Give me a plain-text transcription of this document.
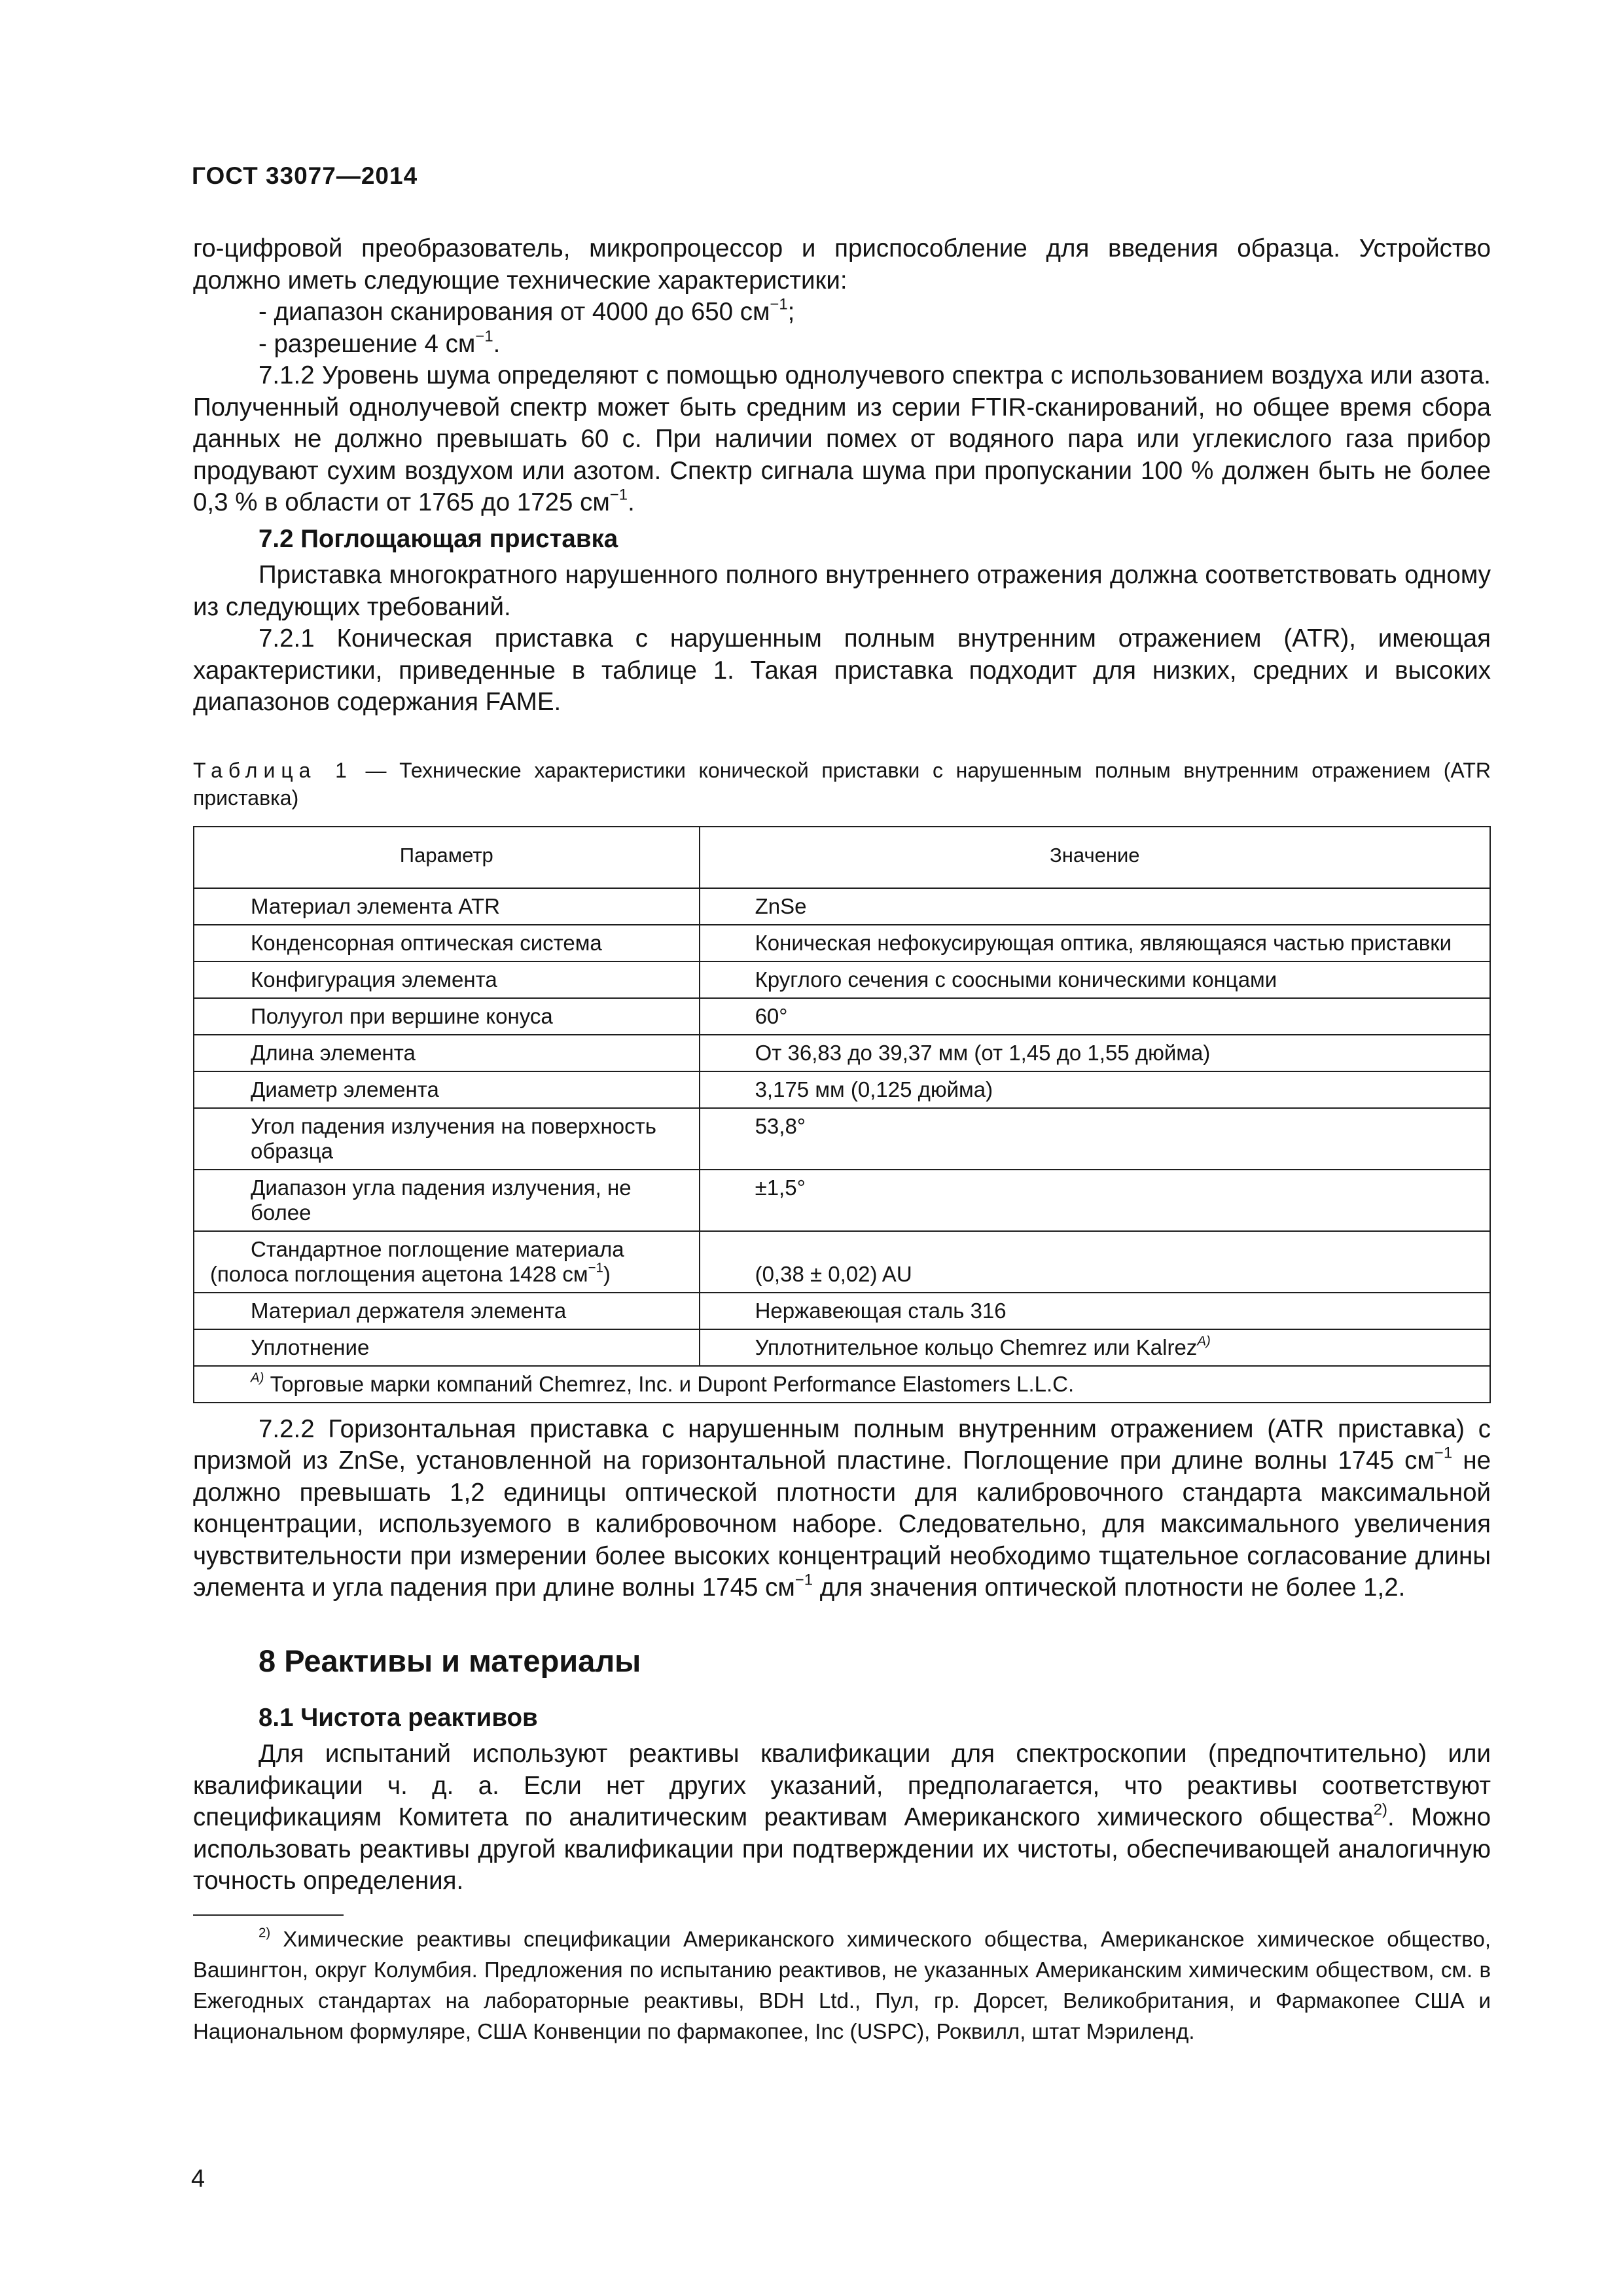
ГОСТ 33077—2014

го-цифровой преобразователь, микропроцессор и приспособление для введения образца. Устройство должно иметь следующие технические характеристики:

- диапазон сканирования от 4000 до 650 $см^{-1}$;

- разрешение 4 $см^{-1}$.

7.1.2 Уровень шума определяют с помощью однолучевого спектра с использованием воздуха или азота. Полученный однолучевой спектр может быть средним из серии FTIR-сканирований, но общее время сбора данных не должно превышать 60 с. При наличии помех от водяного пара или углекислого газа прибор продувают сухим воздухом или азотом. Спектр сигнала шума при пропускании 100 % должен быть не более 0,3 % в области от 1765 до 1725 $см^{-1}$.

7.2 Поглощающая приставка

Приставка многократного нарушенного полного внутреннего отражения должна соответствовать одному из следующих требований.

7.2.1 Коническая приставка с нарушенным полным внутренним отражением (ATR), имеющая характеристики, приведенные в таблице 1. Такая приставка подходит для низких, средних и высоких диапазонов содержания FAME.

Таблица 1 — Технические характеристики конической приставки с нарушенным полным внутренним отражением (ATR приставка)

Параметр	Значение
Материал элемента ATR	ZnSe
Конденсорная оптическая система	Коническая нефокусирующая оптика, являющаяся частью приставки

Конфигурация элемента	Круглого сечения с соосными коническими концами
Полуугол при вершине конуса	60°
Длина элемента	От 36,83 до 39,37 мм (от 1,45 до 1,55 дюйма)
Диаметр элемента	3,175 мм (0,125 дюйма)
Угол падения излучения на поверхность образца	53,8°
Диапазон угла падения излучения, не более	±1,5°

Стандартное поглощение материала (полоса поглощения ацетона 1428 $см^{-1}$)	(0,38 ± 0,02) AU
Материал держателя элемента	Нержавеющая сталь 316
Уплотнение	Уплотнительное кольцо Chemrez или Kalrez$^{A)}$
$^{A)}$ Торговые марки компаний Chemrez, Inc. и Dupont Performance Elastomers L.L.C.	

7.2.2 Горизонтальная приставка с нарушенным полным внутренним отражением (ATR приставка) с призмой из ZnSe, установленной на горизонтальной пластине. Поглощение при длине волны 1745 $см^{-1}$ не должно превышать 1,2 единицы оптической плотности для калибровочного стандарта максимальной концентрации, используемого в калибровочном наборе. Следовательно, для максимального увеличения чувствительности при измерении более высоких концентраций необходимо тщательное согласование длины элемента и угла падения при длине волны 1745 $см^{-1}$ для значения оптической плотности не более 1,2.

8 Реактивы и материалы

8.1 Чистота реактивов

Для испытаний используют реактивы квалификации для спектроскопии (предпочтительно) или квалификации ч. д. а. Если нет других указаний, предполагается, что реактивы соответствуют спецификациям Комитета по аналитическим реактивам Американского химического общества$^{2)}$. Можно использовать реактивы другой квалификации при подтверждении их чистоты, обеспечивающей аналогичную точность определения.

$^{2)}$ Химические реактивы спецификации Американского химического общества, Американское химическое общество, Вашингтон, округ Колумбия. Предложения по испытанию реактивов, не указанных Американским химическим обществом, см. в Ежегодных стандартах на лабораторные реактивы, BDH Ltd., Пул, гр. Дорсет, Великобритания, и Фармакопее США и Национальном формуляре, США Конвенции по фармакопее, Inc (USPC), Роквилл, штат Мэриленд.

4
